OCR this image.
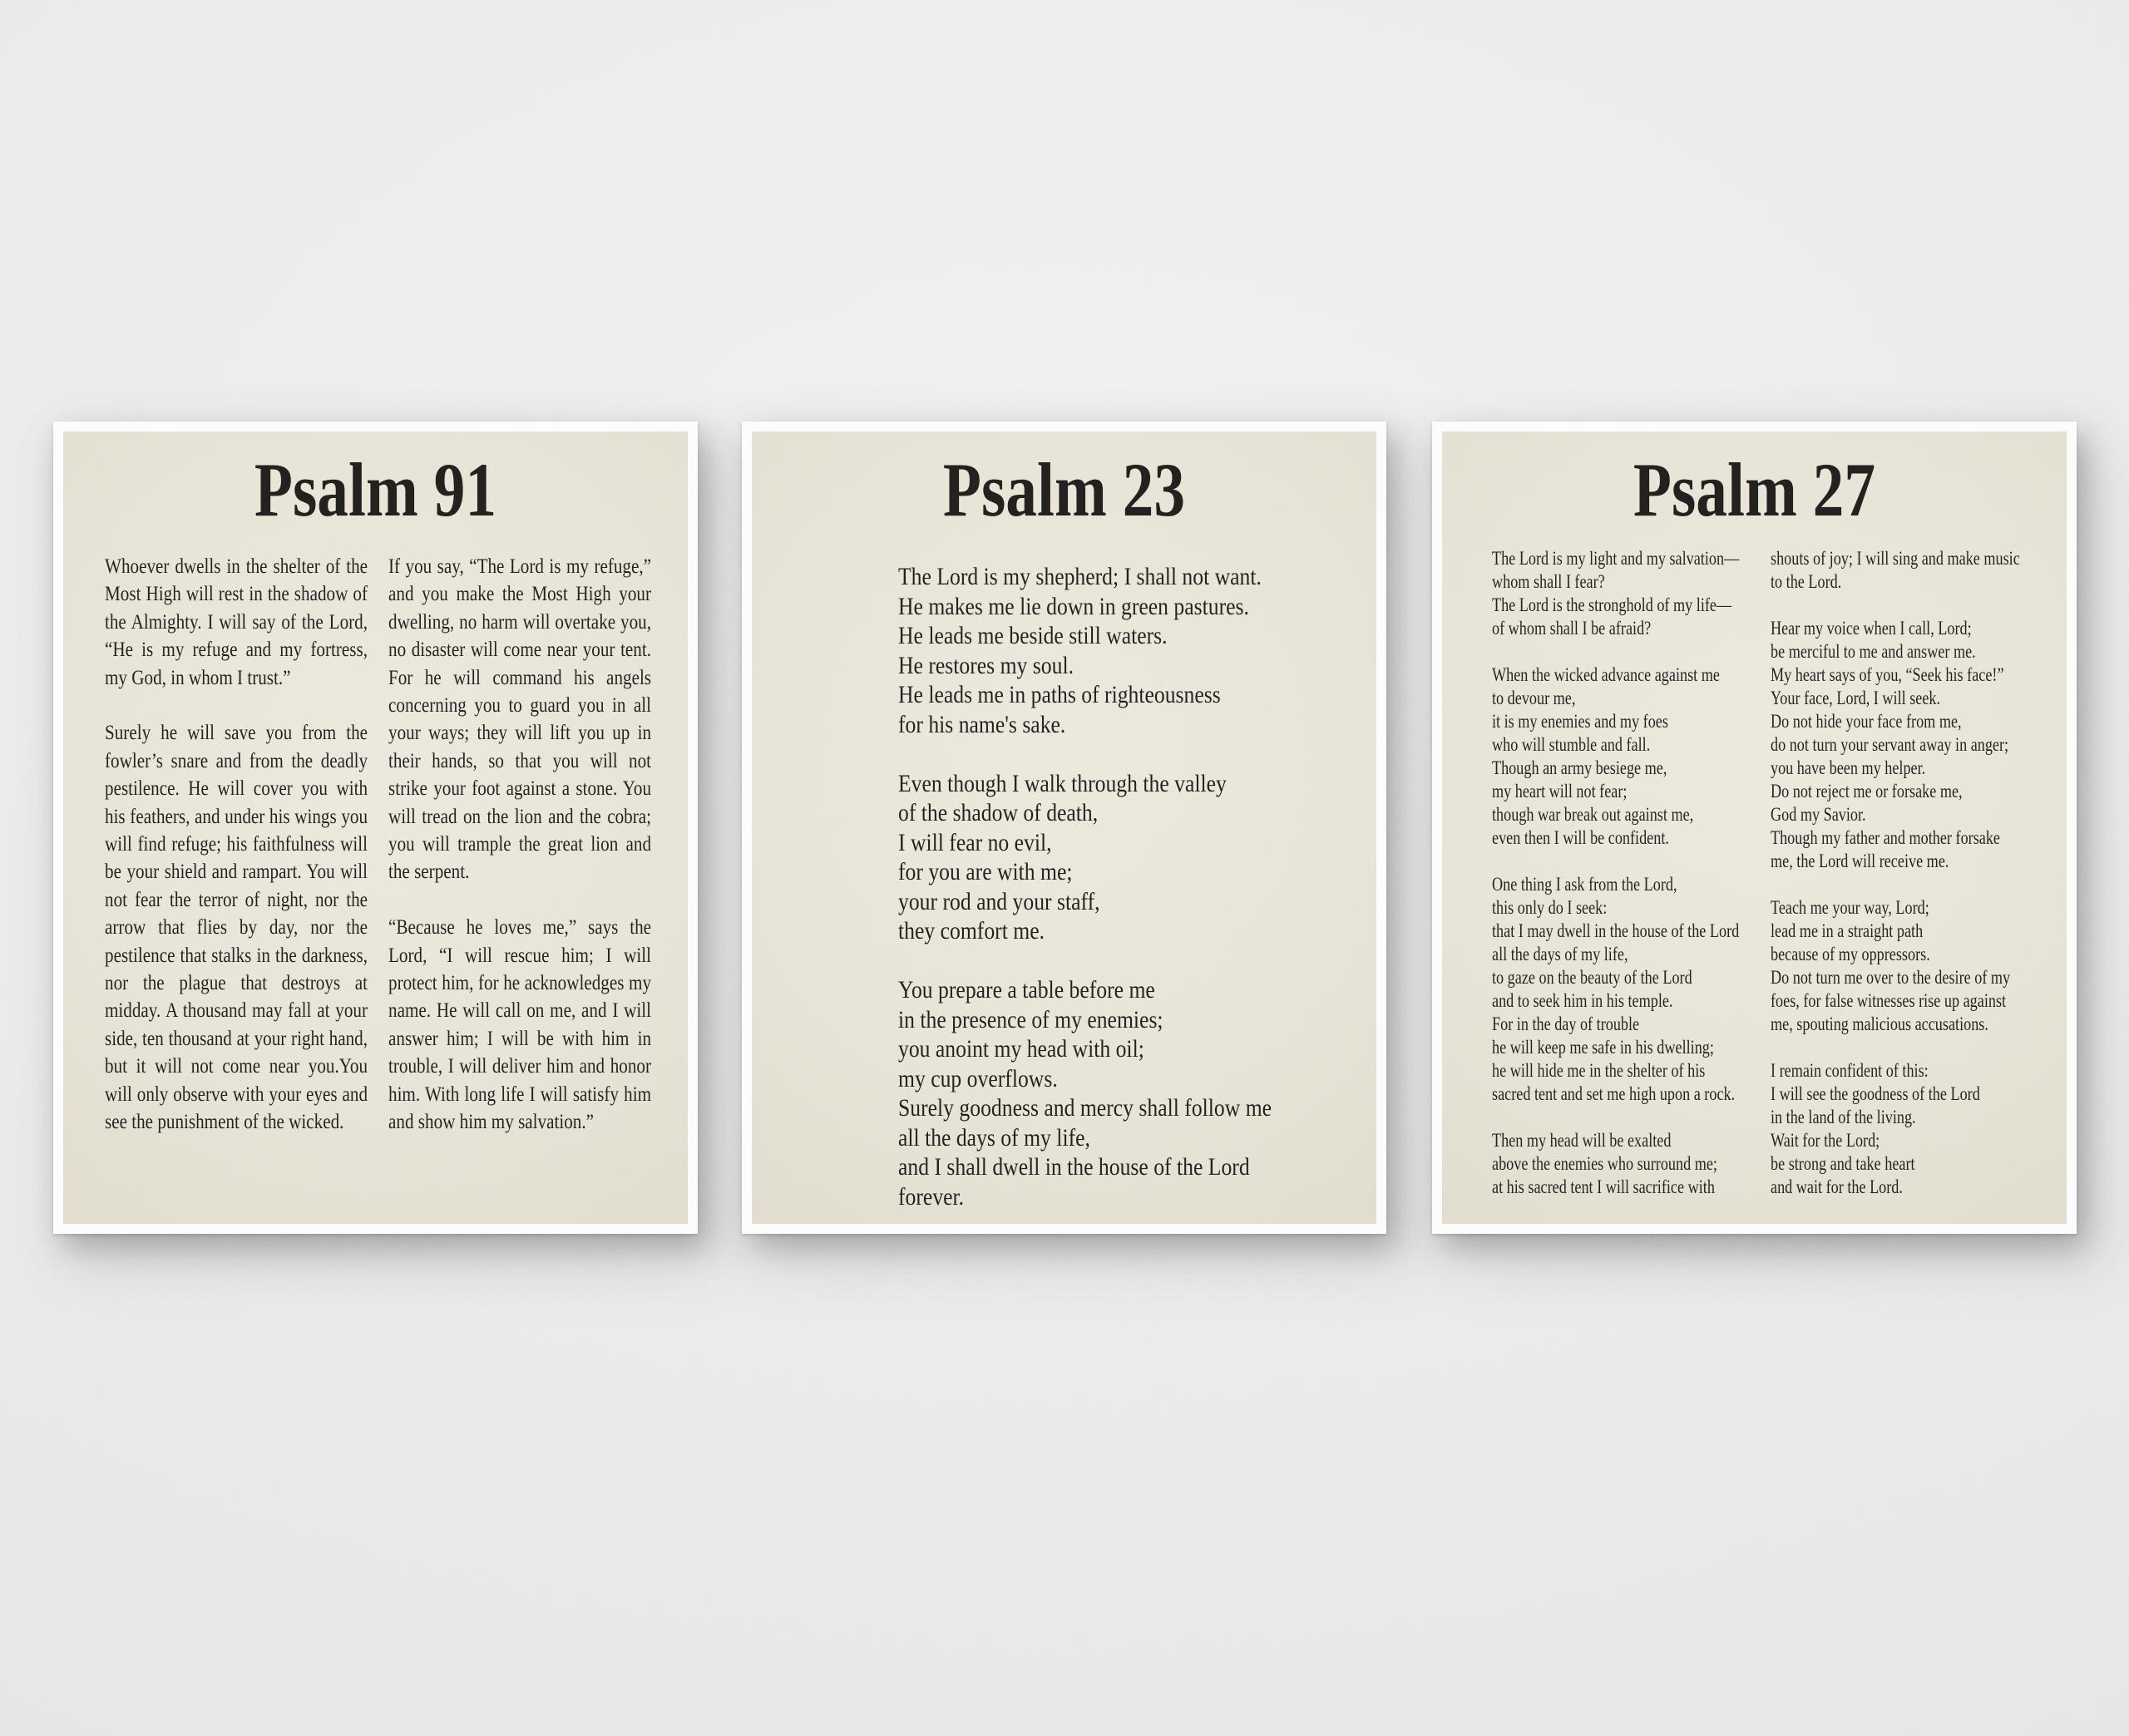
Psalm 91

Whoever dwells in the shelter of the Most High will rest in the shadow of the Almighty. I will say of the Lord, “He is my refuge and my fortress, my God, in whom I trust.”

Surely he will save you from the fowler’s snare and from the deadly pestilence. He will cover you with his feathers, and under his wings you will find refuge; his faithfulness will be your shield and rampart. You will not fear the terror of night, nor the arrow that flies by day, nor the pestilence that stalks in the darkness, nor the plague that destroys at midday. A thousand may fall at your side, ten thousand at your right hand, but it will not come near you.You will only observe with your eyes and see the punishment of the wicked.

If you say, “The Lord is my refuge,” and you make the Most High your dwelling, no harm will overtake you, no disaster will come near your tent. For he will command his angels concerning you to guard you in all your ways; they will lift you up in their hands, so that you will not strike your foot against a stone. You will tread on the lion and the cobra; you will trample the great lion and the serpent.

“Because he loves me,” says the Lord, “I will rescue him; I will protect him, for he acknowledges my name. He will call on me, and I will answer him; I will be with him in trouble, I will deliver him and honor him. With long life I will satisfy him and show him my salvation.”

Psalm 23
The Lord is my shepherd; I shall not want.
He makes me lie down in green pastures.
He leads me beside still waters.
He restores my soul.
He leads me in paths of righteousness
for his name's sake.
Even though I walk through the valley
of the shadow of death,
I will fear no evil,
for you are with me;
your rod and your staff,
they comfort me.
You prepare a table before me
in the presence of my enemies;
you anoint my head with oil;
my cup overflows.
Surely goodness and mercy shall follow me
all the days of my life,
and I shall dwell in the house of the Lord
forever.
Psalm 27
The Lord is my light and my salvation—
whom shall I fear?
The Lord is the stronghold of my life—
of whom shall I be afraid?
When the wicked advance against me
to devour me,
it is my enemies and my foes
who will stumble and fall.
Though an army besiege me,
my heart will not fear;
though war break out against me,
even then I will be confident.
One thing I ask from the Lord,
this only do I seek:
that I may dwell in the house of the Lord
all the days of my life,
to gaze on the beauty of the Lord
and to seek him in his temple.
For in the day of trouble
he will keep me safe in his dwelling;
he will hide me in the shelter of his
sacred tent and set me high upon a rock.
Then my head will be exalted
above the enemies who surround me;
at his sacred tent I will sacrifice with
shouts of joy; I will sing and make music
to the Lord.
Hear my voice when I call, Lord;
be merciful to me and answer me.
My heart says of you, “Seek his face!”
Your face, Lord, I will seek.
Do not hide your face from me,
do not turn your servant away in anger;
you have been my helper.
Do not reject me or forsake me,
God my Savior.
Though my father and mother forsake
me, the Lord will receive me.
Teach me your way, Lord;
lead me in a straight path
because of my oppressors.
Do not turn me over to the desire of my
foes, for false witnesses rise up against
me, spouting malicious accusations.
I remain confident of this:
I will see the goodness of the Lord
in the land of the living.
Wait for the Lord;
be strong and take heart
and wait for the Lord.
